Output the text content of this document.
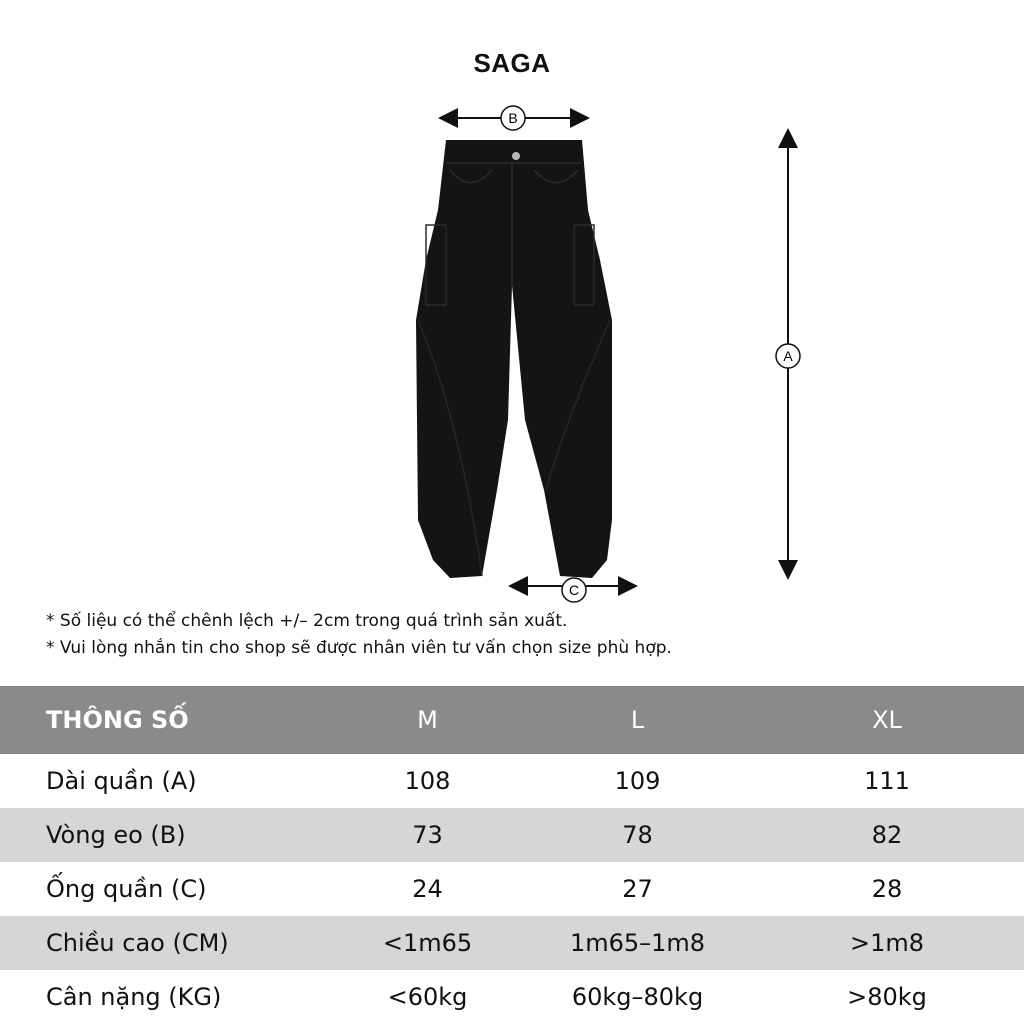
SAGA
B
C
A
* Số liệu có thể chênh lệch +/– 2cm trong quá trình sản xuất.
* Vui lòng nhắn tin cho shop sẽ được nhân viên tư vấn chọn size phù hợp.
THÔNG SỐ	M	L	XL
Dài quần (A)	108	109	111
Vòng eo (B)	73	78	82
Ống quần (C)	24	27	28
Chiều cao (CM)	<1m65	1m65–1m8	>1m8
Cân nặng (KG)	<60kg	60kg–80kg	>80kg
